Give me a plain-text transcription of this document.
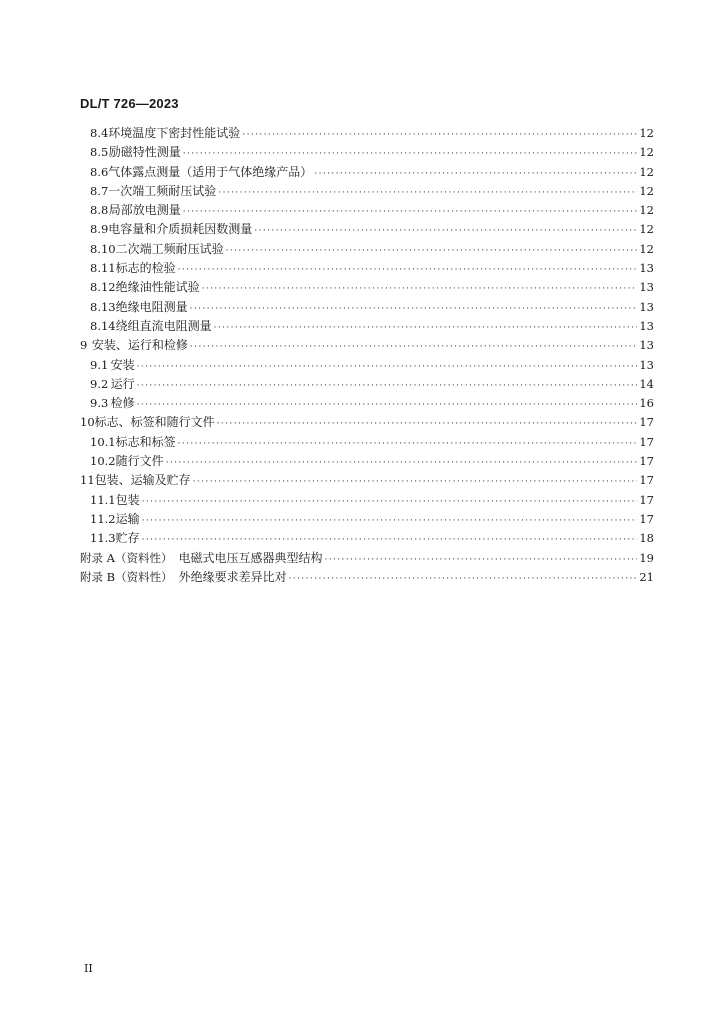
DL/T 726—2023
8.4 环境温度下密封性能试验 ·····	12
8.5 励磁特性测量 ·····	12
8.6 气体露点测量（适用于气体绝缘产品） ·····	12
8.7 一次端工频耐压试验 ·····	12
8.8 局部放电测量 ·····	12
8.9 电容量和介质损耗因数测量 ·····	12
8.10 二次端工频耐压试验 ·····	12
8.11 标志的检验 ·····	13
8.12 绝缘油性能试验 ·····	13
8.13 绝缘电阻测量 ·····	13
8.14 绕组直流电阻测量 ·····	13
9 安装、运行和检修 ·····	13
9.1 安装 ·····	13
9.2 运行 ·····	14
9.3 检修 ·····	16
10 标志、标签和随行文件 ·····	17
10.1 标志和标签 ·····	17
10.2 随行文件 ·····	17
11 包装、运输及贮存 ·····	17
11.1 包装 ·····	17
11.2 运输 ·····	17
11.3 贮存 ·····	18
附录 A（资料性） 电磁式电压互感器典型结构 ·····	19
附录 B（资料性） 外绝缘要求差异比对 ·····	21
II
